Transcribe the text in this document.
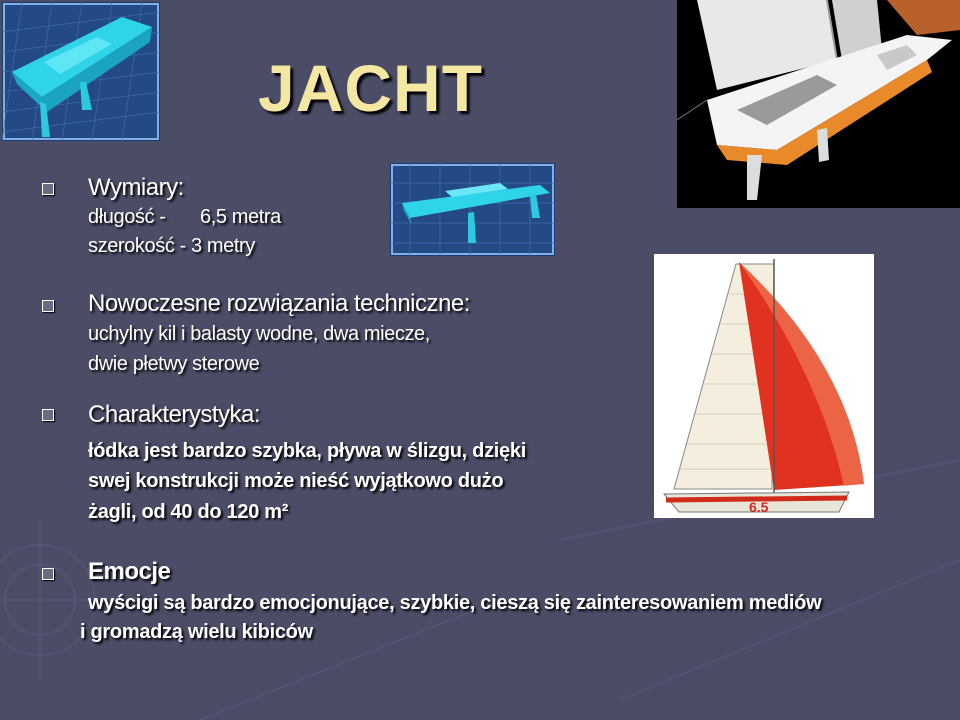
JACHT
6.5
Wymiary:
długość - 6,5 metra
szerokość - 3 metry
Nowoczesne rozwiązania techniczne:
uchylny kil i balasty wodne, dwa miecze,
dwie płetwy sterowe
Charakterystyka:
łódka jest bardzo szybka, pływa w ślizgu, dzięki
swej konstrukcji może nieść wyjątkowo dużo
żagli, od 40 do 120 m²
Emocje
wyścigi są bardzo emocjonujące, szybkie, cieszą się zainteresowaniem mediów
i gromadzą wielu kibiców
